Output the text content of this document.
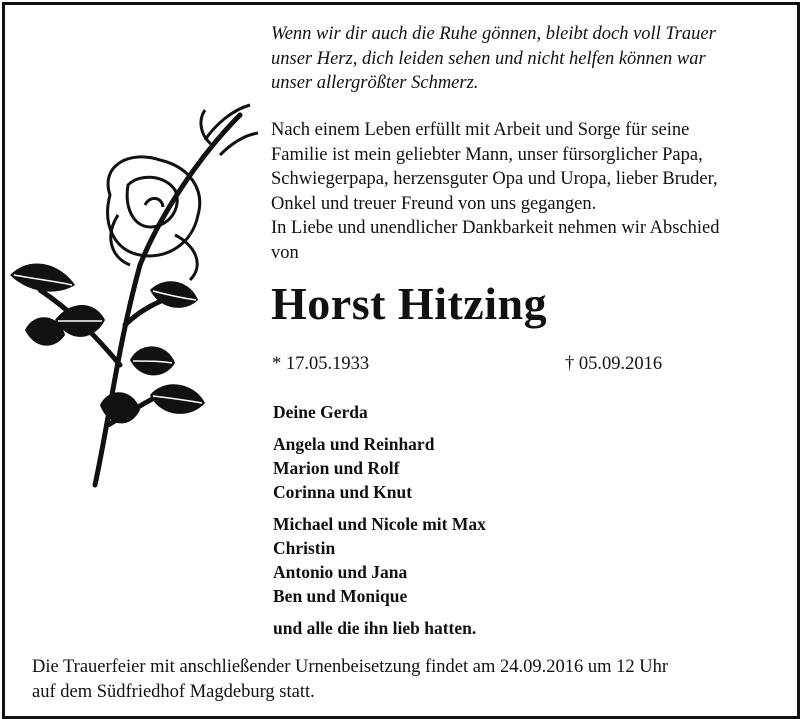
Wenn wir dir auch die Ruhe gönnen, bleibt doch voll Trauer
unser Herz, dich leiden sehen und nicht helfen können war
unser allergrößter Schmerz.

Nach einem Leben erfüllt mit Arbeit und Sorge für seine

Familie ist mein geliebter Mann, unser fürsorglicher Papa,

Schwiegerpapa, herzensguter Opa und Uropa, lieber Bruder,

Onkel und treuer Freund von uns gegangen.

In Liebe und unendlicher Dankbarkeit nehmen wir Abschied

von

Horst Hitzing
* 17.05.1933	† 05.09.2016
Deine Gerda
Angela und Reinhard
Marion und Rolf
Corinna und Knut
Michael und Nicole mit Max
Christin
Antonio und Jana
Ben und Monique
und alle die ihn lieb hatten.
Die Trauerfeier mit anschließender Urnenbeisetzung findet am 24.09.2016 um 12 Uhr
auf dem Südfriedhof Magdeburg statt.
